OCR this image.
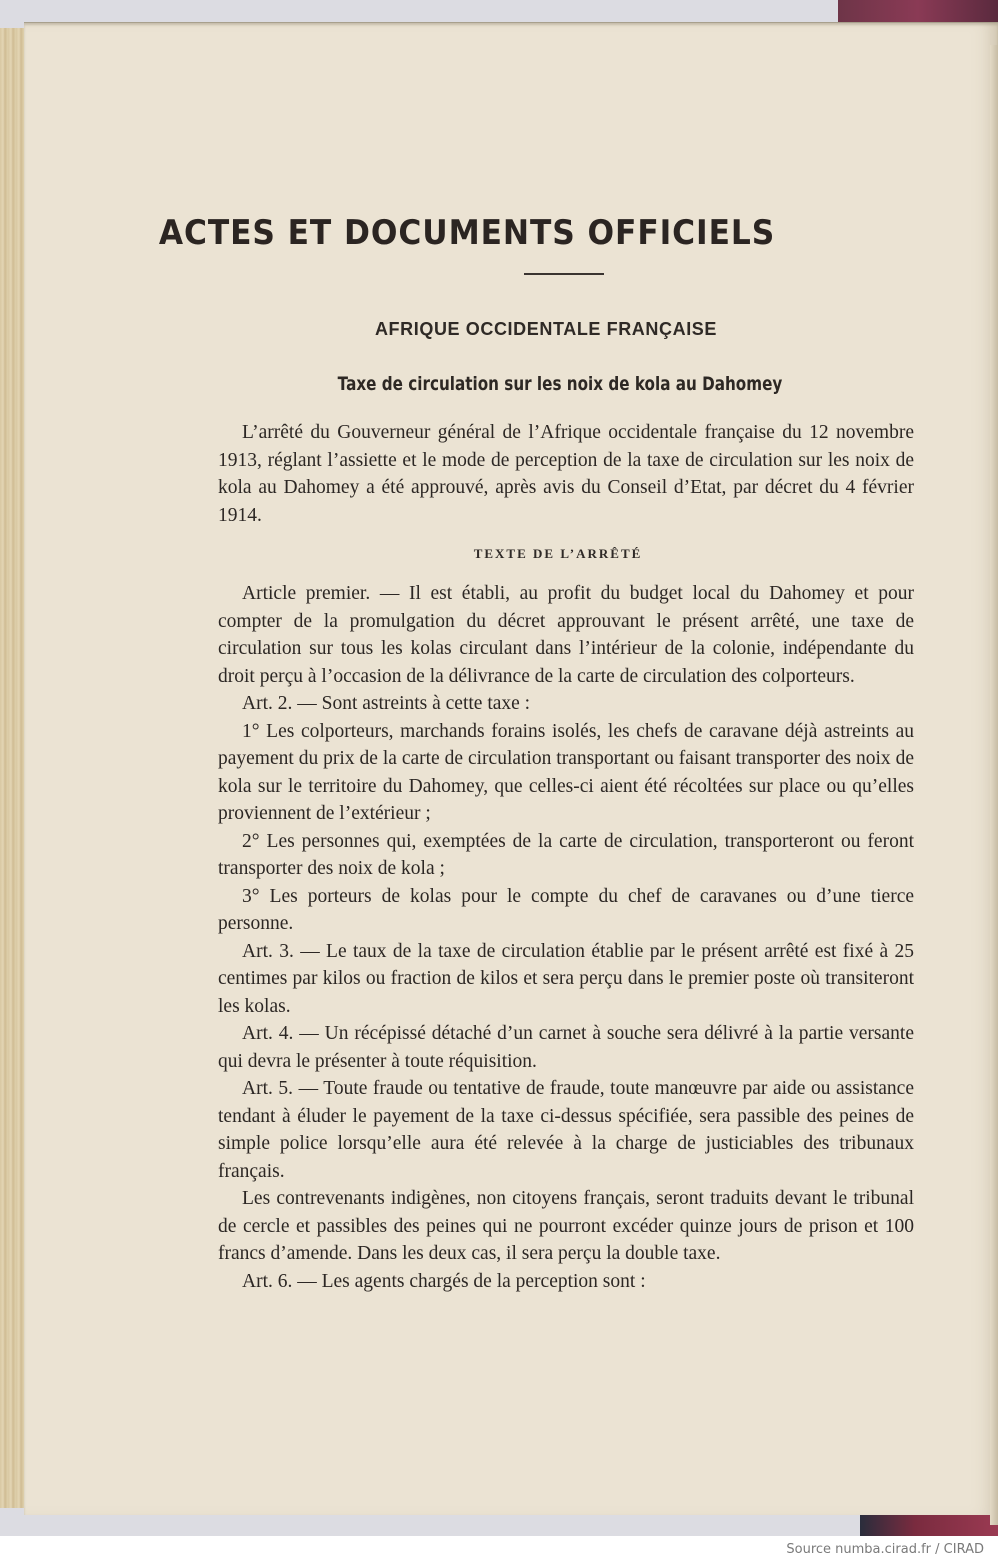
ACTES ET DOCUMENTS OFFICIELS
AFRIQUE OCCIDENTALE FRANÇAISE
Taxe de circulation sur les noix de kola au Dahomey

L’arrêté du Gouverneur général de l’Afrique occidentale française du 12 novembre 1913, réglant l’assiette et le mode de perception de la taxe de circulation sur les noix de kola au Dahomey a été approuvé, après avis du Conseil d’Etat, par décret du 4 février 1914.

TEXTE DE L’ARRÊTÉ

Article premier. — Il est établi, au profit du budget local du Dahomey et pour compter de la promulgation du décret approuvant le présent arrêté, une taxe de circulation sur tous les kolas circulant dans l’intérieur de la colonie, indépendante du droit perçu à l’occasion de la délivrance de la carte de circulation des colporteurs.

Art. 2. — Sont astreints à cette taxe :

1° Les colporteurs, marchands forains isolés, les chefs de caravane déjà astreints au payement du prix de la carte de circulation transportant ou faisant transporter des noix de kola sur le territoire du Dahomey, que celles-ci aient été récoltées sur place ou qu’elles proviennent de l’extérieur ;

2° Les personnes qui, exemptées de la carte de circulation, transporteront ou feront transporter des noix de kola ;

3° Les porteurs de kolas pour le compte du chef de caravanes ou d’une tierce personne.

Art. 3. — Le taux de la taxe de circulation établie par le présent arrêté est fixé à 25 centimes par kilos ou fraction de kilos et sera perçu dans le premier poste où transiteront les kolas.

Art. 4. — Un récépissé détaché d’un carnet à souche sera délivré à la partie versante qui devra le présenter à toute réquisition.

Art. 5. — Toute fraude ou tentative de fraude, toute manœuvre par aide ou assistance tendant à éluder le payement de la taxe ci-dessus spécifiée, sera passible des peines de simple police lorsqu’elle aura été relevée à la charge de justiciables des tribunaux français.

Les contrevenants indigènes, non citoyens français, seront traduits devant le tribunal de cercle et passibles des peines qui ne pourront excéder quinze jours de prison et 100 francs d’amende. Dans les deux cas, il sera perçu la double taxe.

Art. 6. — Les agents chargés de la perception sont :

Source numba.cirad.fr / CIRAD
